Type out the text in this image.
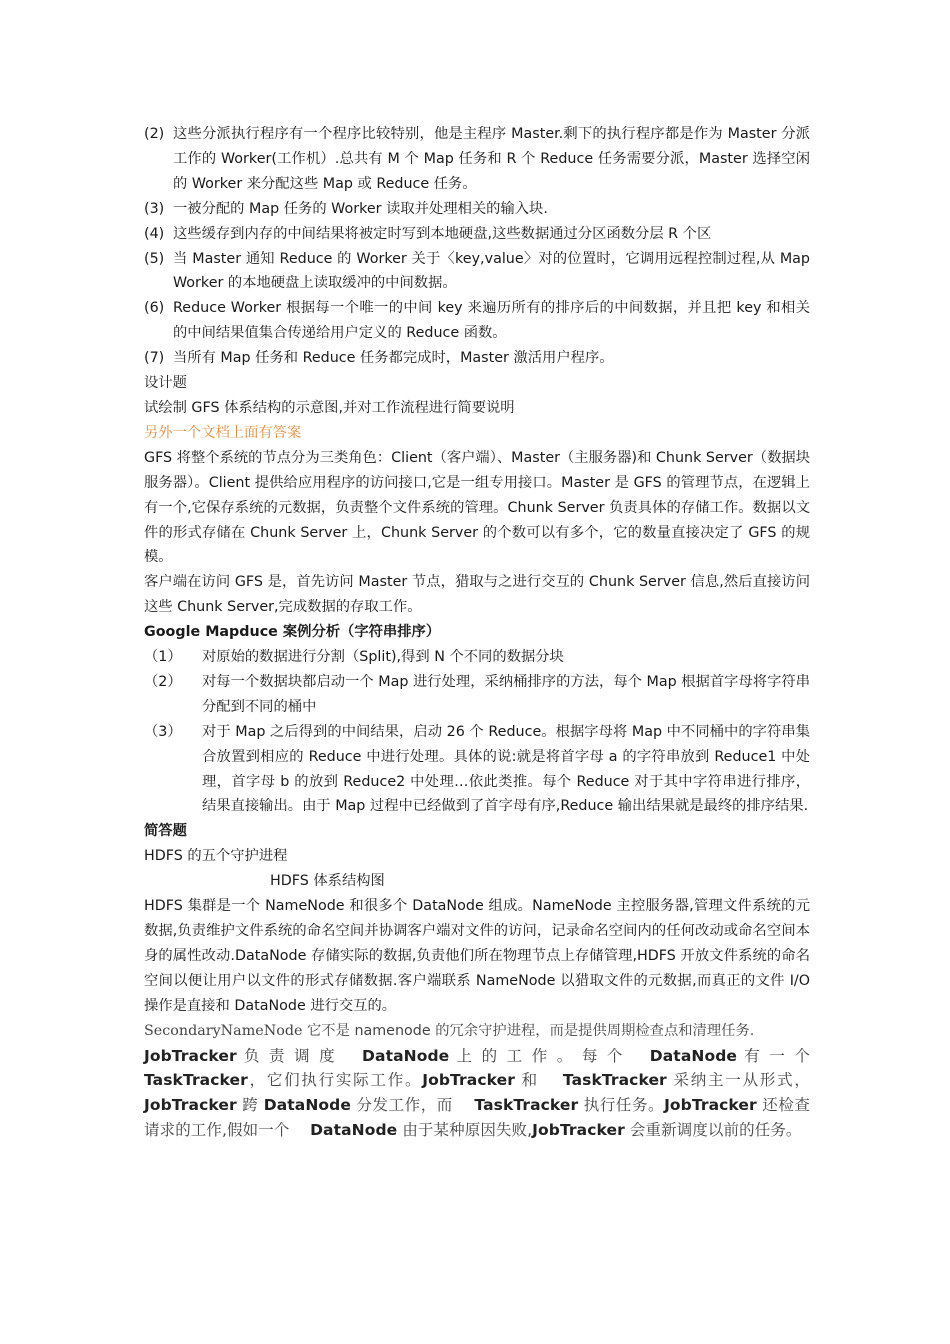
(2) 这些分派执行程序有一个程序比较特别，他是主程序 Master.剩下的执行程序都是作为 Master 分派工作的 Worker(工作机）.总共有 M 个 Map 任务和 R 个 Reduce 任务需要分派，Master 选择空闲的 Worker 来分配这些 Map 或 Reduce 任务。
(3) 一被分配的 Map 任务的 Worker 读取并处理相关的输入块.
(4) 这些缓存到内存的中间结果将被定时写到本地硬盘,这些数据通过分区函数分层 R 个区
(5) 当 Master 通知 Reduce 的 Worker 关于〈key,value〉对的位置时，它调用远程控制过程,从 Map Worker 的本地硬盘上读取缓冲的中间数据。
(6) Reduce Worker 根据每一个唯一的中间 key 来遍历所有的排序后的中间数据，并且把 key 和相关的中间结果值集合传递给用户定义的 Reduce 函数。
(7) 当所有 Map 任务和 Reduce 任务都完成时，Master 激活用户程序。

设计题

试绘制 GFS 体系结构的示意图,并对工作流程进行简要说明

另外一个文档上面有答案

GFS 将整个系统的节点分为三类角色：Client（客户端）、Master（主服务器)和 Chunk Server（数据块服务器）。Client 提供给应用程序的访问接口,它是一组专用接口。Master 是 GFS 的管理节点，在逻辑上有一个,它保存系统的元数据，负责整个文件系统的管理。Chunk Server 负责具体的存储工作。数据以文件的形式存储在 Chunk Server 上，Chunk Server 的个数可以有多个，它的数量直接决定了 GFS 的规模。

客户端在访问 GFS 是，首先访问 Master 节点，猎取与之进行交互的 Chunk Server 信息,然后直接访问这些 Chunk Server,完成数据的存取工作。

Google Mapduce 案例分析（字符串排序）

（1）	对原始的数据进行分割（Split),得到 N 个不同的数据分块
（2）	对每一个数据块都启动一个 Map 进行处理，采纳桶排序的方法，每个 Map 根据首字母将字符串分配到不同的桶中
（3）	对于 Map 之后得到的中间结果，启动 26 个 Reduce。根据字母将 Map 中不同桶中的字符串集合放置到相应的 Reduce 中进行处理。具体的说:就是将首字母 a 的字符串放到 Reduce1 中处理，首字母 b 的放到 Reduce2 中处理…依此类推。每个 Reduce 对于其中字符串进行排序，结果直接输出。由于 Map 过程中已经做到了首字母有序,Reduce 输出结果就是最终的排序结果.

简答题

HDFS 的五个守护进程

HDFS 体系结构图

HDFS 集群是一个 NameNode 和很多个 DataNode 组成。NameNode 主控服务器,管理文件系统的元数据,负责维护文件系统的命名空间并协调客户端对文件的访问，记录命名空间内的任何改动或命名空间本身的属性改动.DataNode 存储实际的数据,负责他们所在物理节点上存储管理,HDFS 开放文件系统的命名空间以便让用户以文件的形式存储数据.客户端联系 NameNode 以猎取文件的元数据,而真正的文件 I/O 操作是直接和 DataNode 进行交互的。

SecondaryNameNode 它不是 namenode 的冗余守护进程，而是提供周期检查点和清理任务.

JobTracker 负 责 调 度 　DataNode 上 的 工 作 。 每 个 　DataNode 有 一 个 TaskTracker，它们执行实际工作。JobTracker 和 　TaskTracker 采纳主一从形式，JobTracker 跨 DataNode 分发工作，而 　TaskTracker 执行任务。JobTracker 还检查请求的工作,假如一个 　DataNode 由于某种原因失败,JobTracker 会重新调度以前的任务。
